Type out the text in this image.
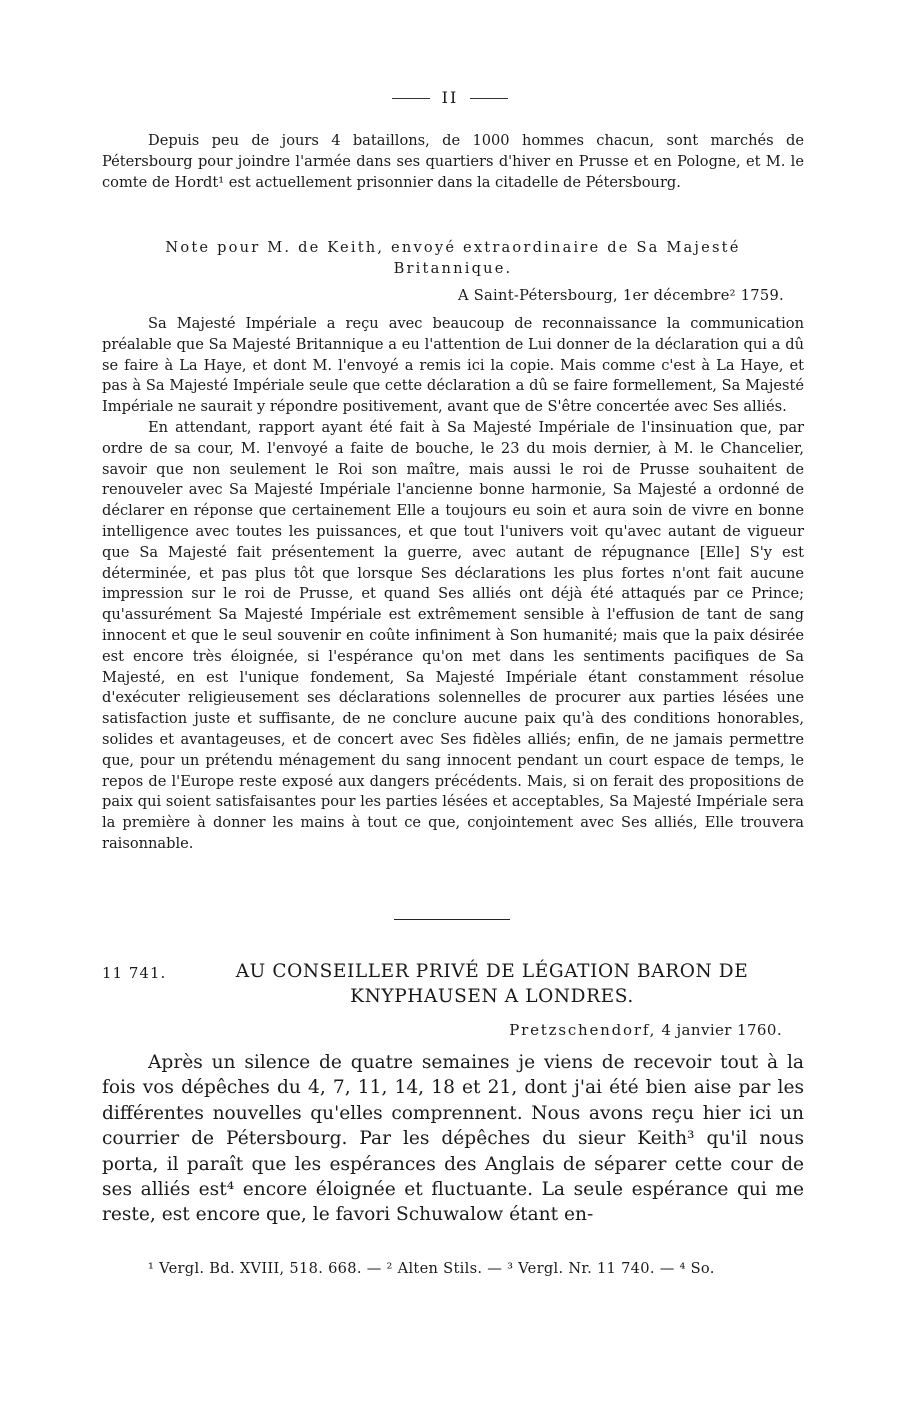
II

Depuis peu de jours 4 bataillons, de 1000 hommes chacun, sont marchés de Pétersbourg pour joindre l'armée dans ses quartiers d'hiver en Prusse et en Pologne, et M. le comte de Hordt¹ est actuellement prisonnier dans la citadelle de Pétersbourg.

Note pour M. de Keith, envoyé extraordinaire de Sa Majesté
Britannique.
A Saint-Pétersbourg, 1er décembre² 1759.

Sa Majesté Impériale a reçu avec beaucoup de reconnaissance la communication préalable que Sa Majesté Britannique a eu l'attention de Lui donner de la déclaration qui a dû se faire à La Haye, et dont M. l'envoyé a remis ici la copie. Mais comme c'est à La Haye, et pas à Sa Majesté Impériale seule que cette déclaration a dû se faire formellement, Sa Majesté Impériale ne saurait y répondre positivement, avant que de S'être concertée avec Ses alliés.

En attendant, rapport ayant été fait à Sa Majesté Impériale de l'insinuation que, par ordre de sa cour, M. l'envoyé a faite de bouche, le 23 du mois dernier, à M. le Chancelier, savoir que non seulement le Roi son maître, mais aussi le roi de Prusse souhaitent de renouveler avec Sa Majesté Impériale l'ancienne bonne harmonie, Sa Majesté a ordonné de déclarer en réponse que certainement Elle a toujours eu soin et aura soin de vivre en bonne intelligence avec toutes les puissances, et que tout l'univers voit qu'avec autant de vigueur que Sa Majesté fait présentement la guerre, avec autant de répugnance [Elle] S'y est déterminée, et pas plus tôt que lorsque Ses déclarations les plus fortes n'ont fait aucune impression sur le roi de Prusse, et quand Ses alliés ont déjà été attaqués par ce Prince; qu'assurément Sa Majesté Impériale est extrêmement sensible à l'effusion de tant de sang innocent et que le seul souvenir en coûte infiniment à Son humanité; mais que la paix désirée est encore très éloignée, si l'espérance qu'on met dans les sentiments pacifiques de Sa Majesté, en est l'unique fondement, Sa Majesté Impériale étant constamment résolue d'exécuter religieusement ses déclarations solennelles de procurer aux parties lésées une satisfaction juste et suffisante, de ne conclure aucune paix qu'à des conditions honorables, solides et avantageuses, et de concert avec Ses fidèles alliés; enfin, de ne jamais permettre que, pour un prétendu ménagement du sang innocent pendant un court espace de temps, le repos de l'Europe reste exposé aux dangers précédents. Mais, si on ferait des propositions de paix qui soient satisfaisantes pour les parties lésées et acceptables, Sa Majesté Impériale sera la première à donner les mains à tout ce que, conjointement avec Ses alliés, Elle trouvera raisonnable.

11 741.	AU CONSEILLER PRIVÉ DE LÉGATION BARON DE
KNYPHAUSEN A LONDRES.
Pretzschendorf, 4 janvier 1760.

Après un silence de quatre semaines je viens de recevoir tout à la fois vos dépêches du 4, 7, 11, 14, 18 et 21, dont j'ai été bien aise par les différentes nouvelles qu'elles comprennent. Nous avons reçu hier ici un courrier de Pétersbourg. Par les dépêches du sieur Keith³ qu'il nous porta, il paraît que les espérances des Anglais de séparer cette cour de ses alliés est⁴ encore éloignée et fluctuante. La seule espérance qui me reste, est encore que, le favori Schuwalow étant en-

¹ Vergl. Bd. XVIII, 518. 668. — ² Alten Stils. — ³ Vergl. Nr. 11 740. — ⁴ So.
